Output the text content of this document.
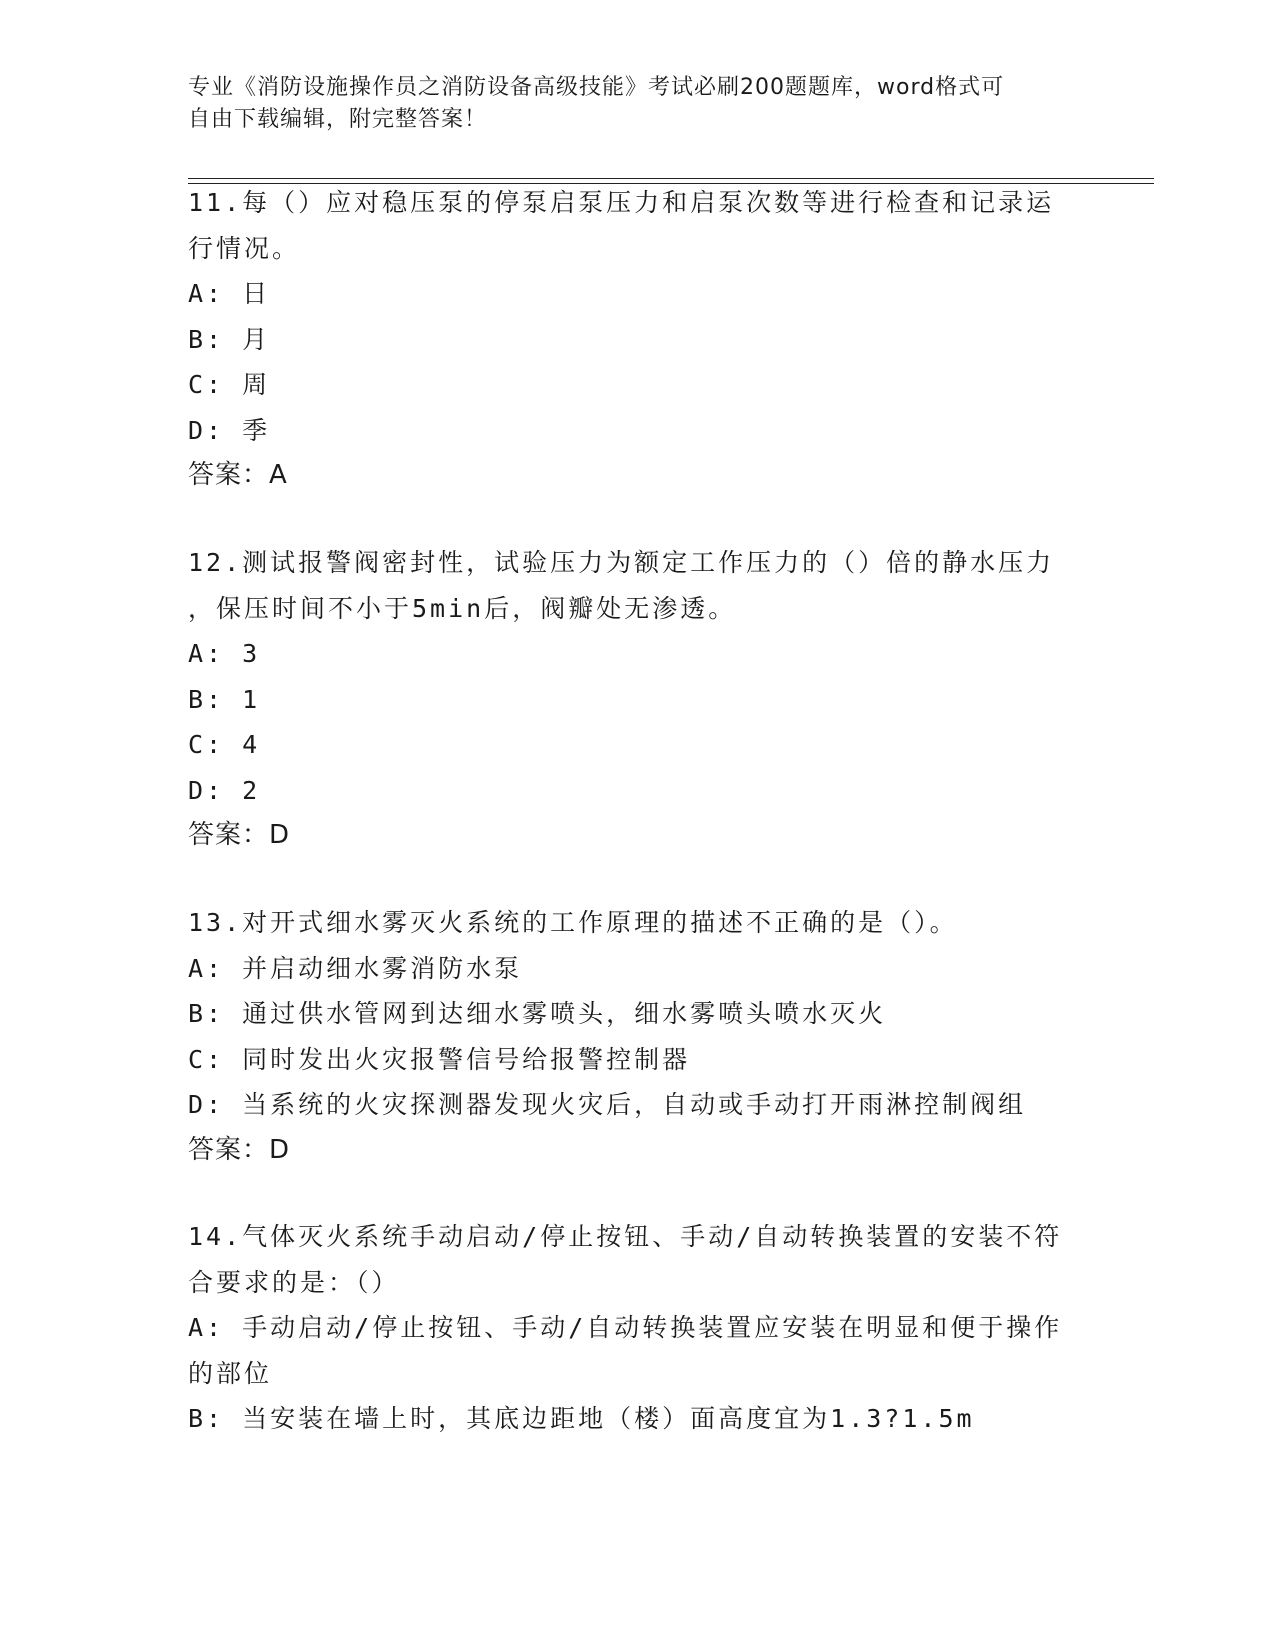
专业《消防设施操作员之消防设备高级技能》考试必刷200题题库，word格式可
自由下载编辑，附完整答案！
11.每（）应对稳压泵的停泵启泵压力和启泵次数等进行检查和记录运
行情况。
A: 日
B: 月
C: 周
D: 季
答案：A
12.测试报警阀密封性，试验压力为额定工作压力的（）倍的静水压力
，保压时间不小于5min后，阀瓣处无渗透。
A: 3
B: 1
C: 4
D: 2
答案：D
13.对开式细水雾灭火系统的工作原理的描述不正确的是（）。
A: 并启动细水雾消防水泵
B: 通过供水管网到达细水雾喷头，细水雾喷头喷水灭火
C: 同时发出火灾报警信号给报警控制器
D: 当系统的火灾探测器发现火灾后，自动或手动打开雨淋控制阀组
答案：D
14.气体灭火系统手动启动/停止按钮、手动/自动转换装置的安装不符
合要求的是：（）
A: 手动启动/停止按钮、手动/自动转换装置应安装在明显和便于操作
的部位
B: 当安装在墙上时，其底边距地（楼）面高度宜为1.3?1.5m
